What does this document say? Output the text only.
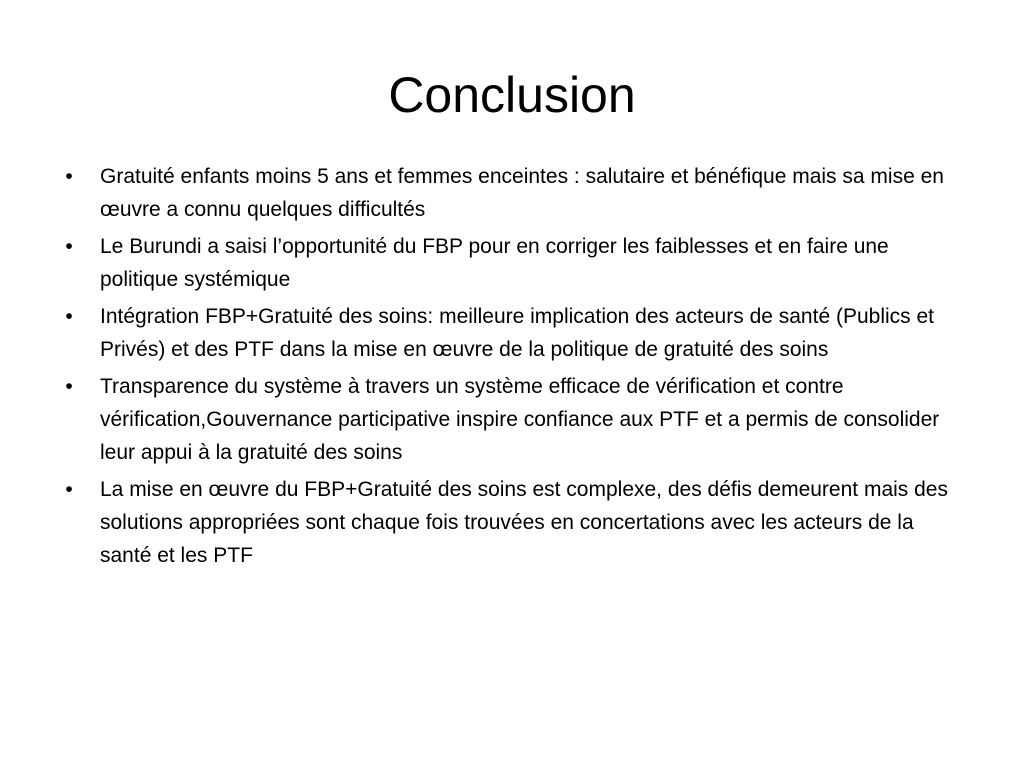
Conclusion
• Gratuité enfants moins 5 ans et femmes enceintes : salutaire et bénéfique mais sa mise en œuvre a connu quelques difficultés
• Le Burundi a saisi l’opportunité du FBP pour en corriger les faiblesses et en faire une politique systémique
• Intégration FBP+Gratuité des soins: meilleure implication des acteurs de santé (Publics et Privés) et des PTF dans la mise en œuvre de la politique de gratuité des soins
• Transparence du système à travers un système efficace de vérification et contre vérification,Gouvernance participative inspire confiance aux PTF et a permis de consolider leur appui à la gratuité des soins
• La mise en œuvre du FBP+Gratuité des soins est complexe, des défis demeurent mais des solutions appropriées sont chaque fois trouvées en concertations avec les acteurs de la santé et les PTF
